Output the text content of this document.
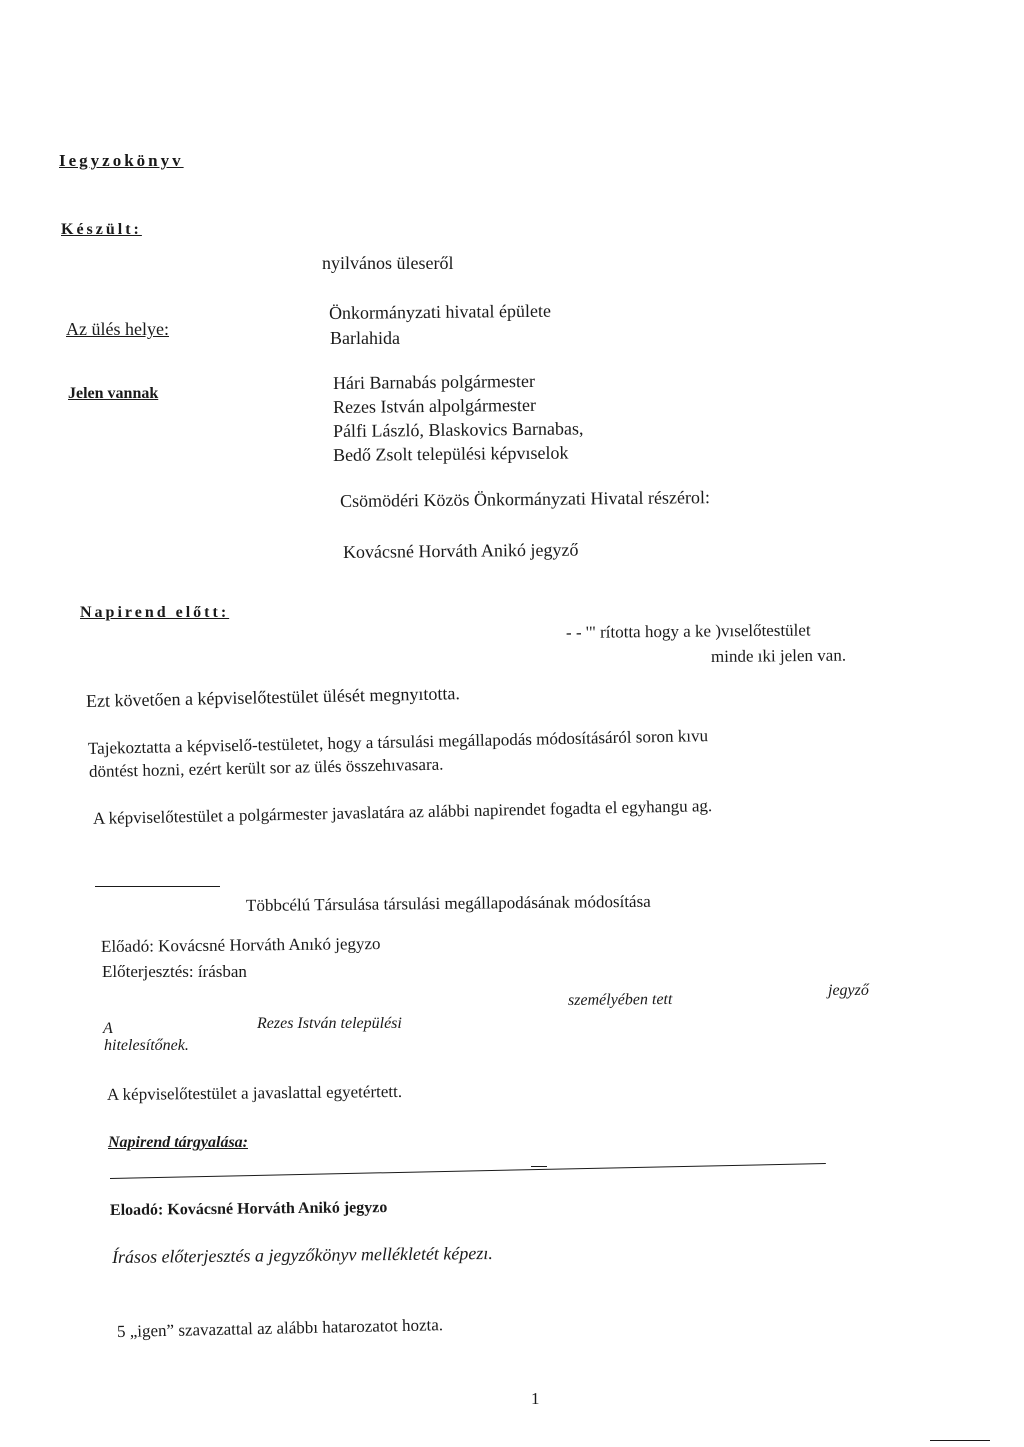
Iegyzokönyv
Készült:
nyilvános üleseről
Az ülés helye:
Önkormányzati hivatal épülete
Barlahida
Jelen vannak
Hári Barnabás polgármester
Rezes István alpolgármester
Pálfi László, Blaskovics Barnabas,
Bedő Zsolt települési képvıselok
Csömödéri Közös Önkormányzati Hivatal részérol:
Kovácsné Horváth Anikó jegyző
Napirend előtt:
- - '" rította hogy a ke )vıselőtestület
minde ıki jelen van.
Ezt követően a képviselőtestület ülését megnyıtotta.
Tajekoztatta a képviselő-testületet, hogy a társulási megállapodás módosításáról soron kıvu
döntést hozni, ezért került sor az ülés összehıvasara.
A képviselőtestület a polgármester javaslatára az alábbi napirendet fogadta el egyhangu ag.
Többcélú Társulása társulási megállapodásának módosítása
Előadó: Kovácsné Horváth Anıkó jegyzo
Előterjesztés: írásban
A	Rezes István települési
személyében tett
jegyző
hitelesítőnek.
A képviselőtestület a javaslattal egyetértett.
Napirend tárgyalása:
Eloadó: Kovácsné Horváth Anikó jegyzo
Írásos előterjesztés a jegyzőkönyv mellékletét képezı.
5 „igen” szavazattal az alábbı hatarozatot hozta.
1
